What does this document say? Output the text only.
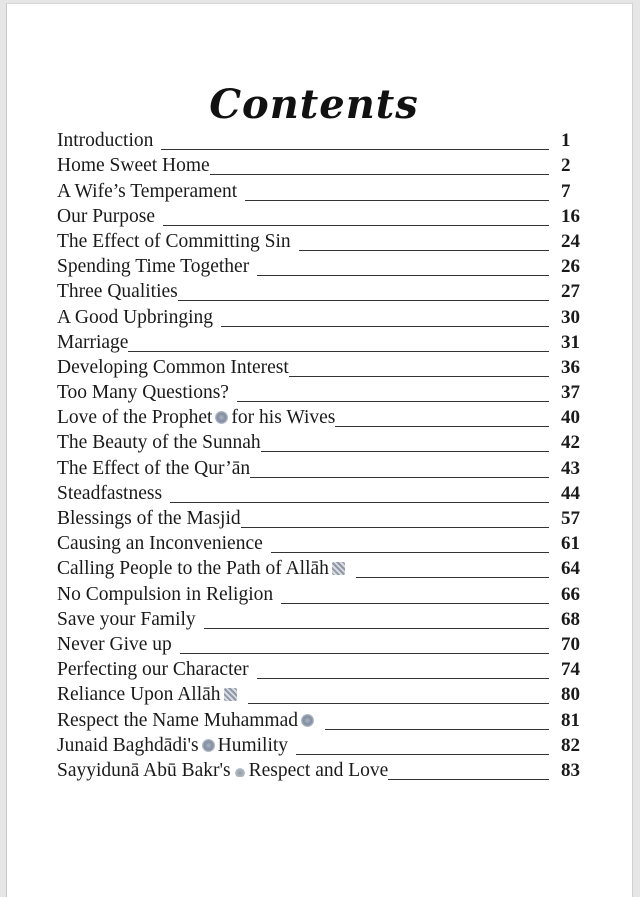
Contents
Introduction	1
Home Sweet Home	2
A Wife’s Temperament	7
Our Purpose	16
The Effect of Committing Sin	24
Spending Time Together	26
Three Qualities	27
A Good Upbringing	30
Marriage	31
Developing Common Interest	36
Too Many Questions?	37
Love of the Prophet for his Wives	40
The Beauty of the Sunnah	42
The Effect of the Qur’ān	43
Steadfastness	44
Blessings of the Masjid	57
Causing an Inconvenience	61
Calling People to the Path of Allāh	64
No Compulsion in Religion	66
Save your Family	68
Never Give up	70
Perfecting our Character	74
Reliance Upon Allāh	80
Respect the Name Muhammad	81
Junaid Baghdādi's Humility	82
Sayyidunā Abū Bakr's Respect and Love	83
